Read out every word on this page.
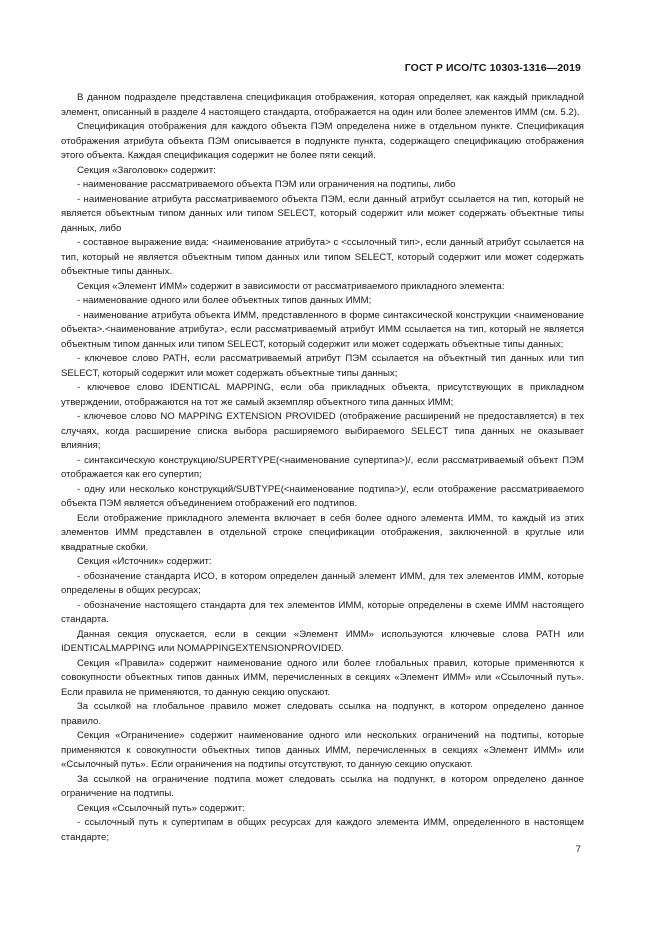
ГОСТ Р ИСО/ТС 10303-1316—2019

В данном подразделе представлена спецификация отображения, которая определяет, как каждый прикладной элемент, описанный в разделе 4 настоящего стандарта, отображается на один или более элементов ИММ (см. 5.2).

Спецификация отображения для каждого объекта ПЭМ определена ниже в отдельном пункте. Спецификация отображения атрибута объекта ПЭМ описывается в подпункте пункта, содержащего спецификацию отображения этого объекта. Каждая спецификация содержит не более пяти секций.

Секция «Заголовок» содержит:

- наименование рассматриваемого объекта ПЭМ или ограничения на подтипы, либо

- наименование атрибута рассматриваемого объекта ПЭМ, если данный атрибут ссылается на тип, который не является объектным типом данных или типом SELECT, который содержит или может содержать объектные типы данных, либо

- составное выражение вида: <наименование атрибута> с <ссылочный тип>, если данный атрибут ссылается на тип, который не является объектным типом данных или типом SELECT, который содержит или может содержать объектные типы данных.

Секция «Элемент ИММ» содержит в зависимости от рассматриваемого прикладного элемента:

- наименование одного или более объектных типов данных ИММ;

- наименование атрибута объекта ИММ, представленного в форме синтаксической конструкции <наименование объекта>.<наименование атрибута>, если рассматриваемый атрибут ИММ ссылается на тип, который не является объектным типом данных или типом SELECT, который содержит или может содержать объектные типы данных;

- ключевое слово PATH, если рассматриваемый атрибут ПЭМ ссылается на объектный тип данных или тип SELECT, который содержит или может содержать объектные типы данных;

- ключевое слово IDENTICAL MAPPING, если оба прикладных объекта, присутствующих в прикладном утверждении, отображаются на тот же самый экземпляр объектного типа данных ИММ;

- ключевое слово NO MAPPING EXTENSION PROVIDED (отображение расширений не предоставляется) в тех случаях, когда расширение списка выбора расширяемого выбираемого SELECT типа данных не оказывает влияния;

- синтаксическую конструкцию/SUPERTYPE(<наименование супертипа>)/, если рассматриваемый объект ПЭМ отображается как его супертип;

- одну или несколько конструкций/SUBTYPE(<наименование подтипа>)/, если отображение рассматриваемого объекта ПЭМ является объединением отображений его подтипов.

Если отображение прикладного элемента включает в себя более одного элемента ИММ, то каждый из этих элементов ИММ представлен в отдельной строке спецификации отображения, заключенной в круглые или квадратные скобки.

Секция «Источник» содержит:

- обозначение стандарта ИСО, в котором определен данный элемент ИММ, для тех элементов ИММ, которые определены в общих ресурсах;

- обозначение настоящего стандарта для тех элементов ИММ, которые определены в схеме ИММ настоящего стандарта.

Данная секция опускается, если в секции «Элемент ИММ» используются ключевые слова PATH или IDENTICALMAPPING или NOMAPPINGEXTENSIONPROVIDED.

Секция «Правила» содержит наименование одного или более глобальных правил, которые применяются к совокупности объектных типов данных ИММ, перечисленных в секциях «Элемент ИММ» или «Ссылочный путь». Если правила не применяются, то данную секцию опускают.

За ссылкой на глобальное правило может следовать ссылка на подпункт, в котором определено данное правило.

Секция «Ограничение» содержит наименование одного или нескольких ограничений на подтипы, которые применяются к совокупности объектных типов данных ИММ, перечисленных в секциях «Элемент ИММ» или «Ссылочный путь». Если ограничения на подтипы отсутствуют, то данную секцию опускают.

За ссылкой на ограничение подтипа может следовать ссылка на подпункт, в котором определено данное ограничение на подтипы.

Секция «Ссылочный путь» содержит:

- ссылочный путь к супертипам в общих ресурсах для каждого элемента ИММ, определенного в настоящем стандарте;

7
